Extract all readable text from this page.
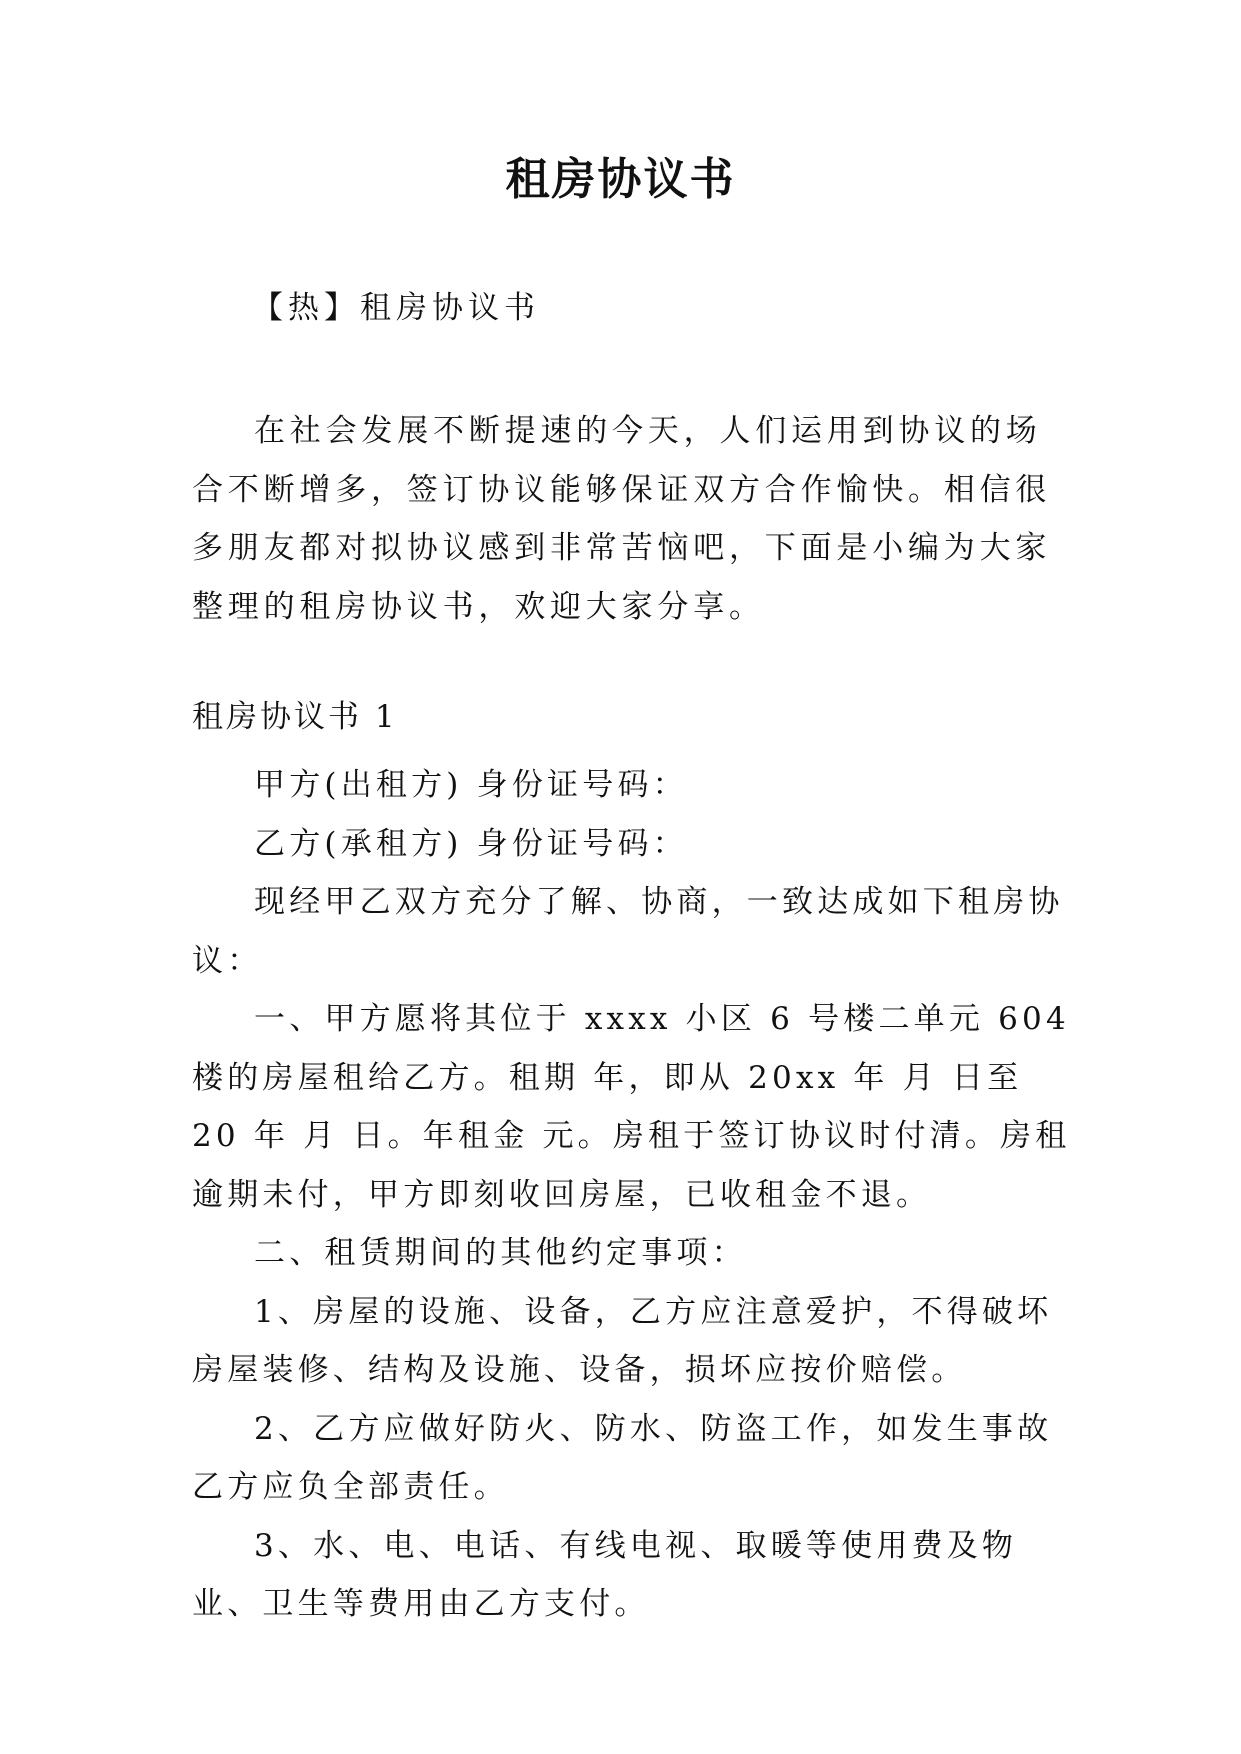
租房协议书

【热】租房协议书

在社会发展不断提速的今天，人们运用到协议的场合不断增多，签订协议能够保证双方合作愉快。相信很多朋友都对拟协议感到非常苦恼吧，下面是小编为大家整理的租房协议书，欢迎大家分享。

租房协议书 1

甲方(出租方) 身份证号码：

乙方(承租方) 身份证号码：

现经甲乙双方充分了解、协商，一致达成如下租房协议：

一、甲方愿将其位于 xxxx 小区 6 号楼二单元 604 楼的房屋租给乙方。租期 年，即从 20xx 年 月 日至 20 年 月 日。年租金 元。房租于签订协议时付清。房租逾期未付，甲方即刻收回房屋，已收租金不退。

二、租赁期间的其他约定事项：

1、房屋的设施、设备，乙方应注意爱护，不得破坏房屋装修、结构及设施、设备，损坏应按价赔偿。

2、乙方应做好防火、防水、防盗工作，如发生事故乙方应负全部责任。

3、水、电、电话、有线电视、取暖等使用费及物业、卫生等费用由乙方支付。
